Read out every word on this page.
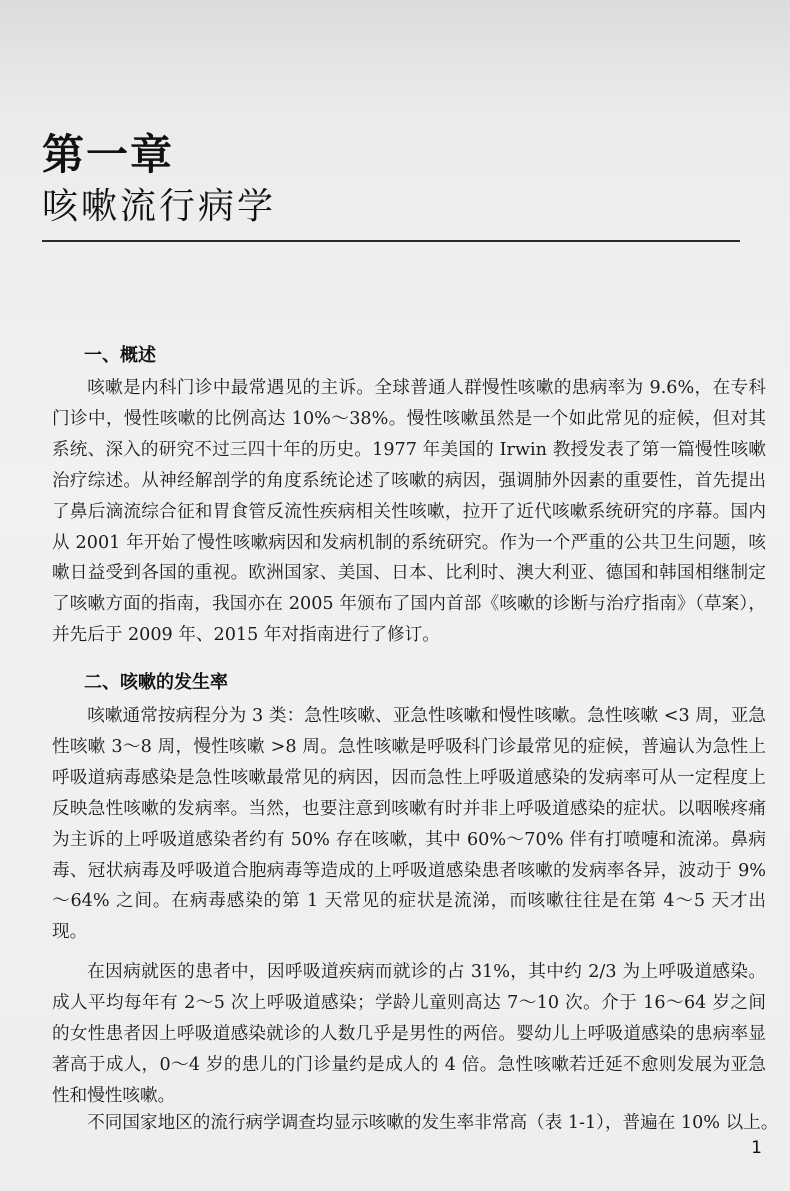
第一章
咳嗽流行病学
一、概述

咳嗽是内科门诊中最常遇见的主诉。全球普通人群慢性咳嗽的患病率为 9.6%，在专科门诊中，慢性咳嗽的比例高达 10%～38%。慢性咳嗽虽然是一个如此常见的症候，但对其系统、深入的研究不过三四十年的历史。1977 年美国的 Irwin 教授发表了第一篇慢性咳嗽治疗综述。从神经解剖学的角度系统论述了咳嗽的病因，强调肺外因素的重要性，首先提出了鼻后滴流综合征和胃食管反流性疾病相关性咳嗽，拉开了近代咳嗽系统研究的序幕。国内从 2001 年开始了慢性咳嗽病因和发病机制的系统研究。作为一个严重的公共卫生问题，咳嗽日益受到各国的重视。欧洲国家、美国、日本、比利时、澳大利亚、德国和韩国相继制定了咳嗽方面的指南，我国亦在 2005 年颁布了国内首部《咳嗽的诊断与治疗指南》（草案），并先后于 2009 年、2015 年对指南进行了修订。

二、咳嗽的发生率

咳嗽通常按病程分为 3 类：急性咳嗽、亚急性咳嗽和慢性咳嗽。急性咳嗽 <3 周，亚急性咳嗽 3～8 周，慢性咳嗽 >8 周。急性咳嗽是呼吸科门诊最常见的症候，普遍认为急性上呼吸道病毒感染是急性咳嗽最常见的病因，因而急性上呼吸道感染的发病率可从一定程度上反映急性咳嗽的发病率。当然，也要注意到咳嗽有时并非上呼吸道感染的症状。以咽喉疼痛为主诉的上呼吸道感染者约有 50% 存在咳嗽，其中 60%～70% 伴有打喷嚏和流涕。鼻病毒、冠状病毒及呼吸道合胞病毒等造成的上呼吸道感染患者咳嗽的发病率各异，波动于 9%～64% 之间。在病毒感染的第 1 天常见的症状是流涕，而咳嗽往往是在第 4～5 天才出现。

在因病就医的患者中，因呼吸道疾病而就诊的占 31%，其中约 2/3 为上呼吸道感染。成人平均每年有 2～5 次上呼吸道感染；学龄儿童则高达 7～10 次。介于 16～64 岁之间的女性患者因上呼吸道感染就诊的人数几乎是男性的两倍。婴幼儿上呼吸道感染的患病率显著高于成人，0～4 岁的患儿的门诊量约是成人的 4 倍。急性咳嗽若迁延不愈则发展为亚急性和慢性咳嗽。

不同国家地区的流行病学调查均显示咳嗽的发生率非常高（表 1-1），普遍在 10% 以上。

1
